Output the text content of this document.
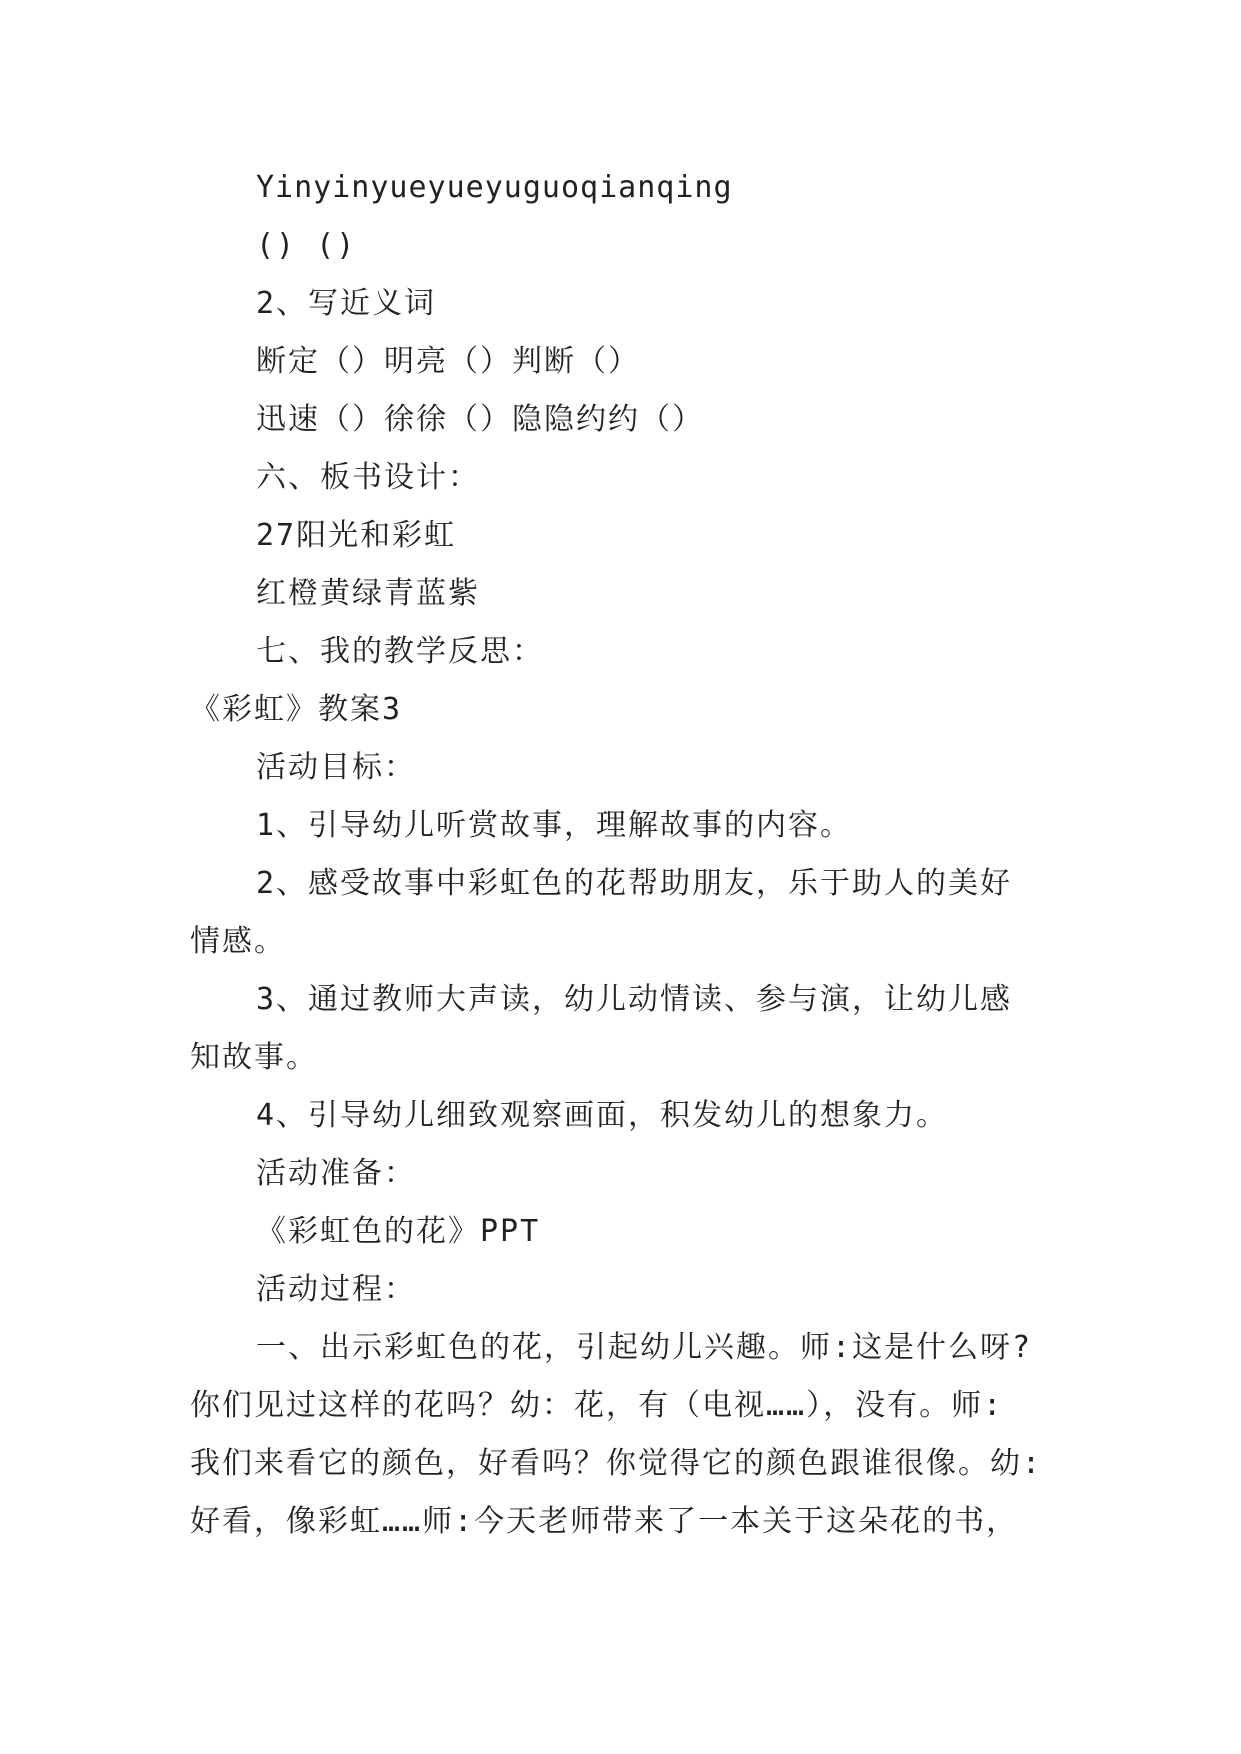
Yinyinyueyueyuguoqianqing
() ()
2、写近义词
断定（）明亮（）判断（）
迅速（）徐徐（）隐隐约约（）
六、板书设计：
27阳光和彩虹
红橙黄绿青蓝紫
七、我的教学反思：
《彩虹》教案3
活动目标：
1、引导幼儿听赏故事，理解故事的内容。
2、感受故事中彩虹色的花帮助朋友，乐于助人的美好
情感。
3、通过教师大声读，幼儿动情读、参与演，让幼儿感
知故事。
4、引导幼儿细致观察画面，积发幼儿的想象力。
活动准备：
《彩虹色的花》PPT
活动过程：
一、出示彩虹色的花，引起幼儿兴趣。师:这是什么呀?
你们见过这样的花吗？幼：花，有（电视……），没有。师:
我们来看它的颜色，好看吗？你觉得它的颜色跟谁很像。幼:
好看，像彩虹……师:今天老师带来了一本关于这朵花的书，
